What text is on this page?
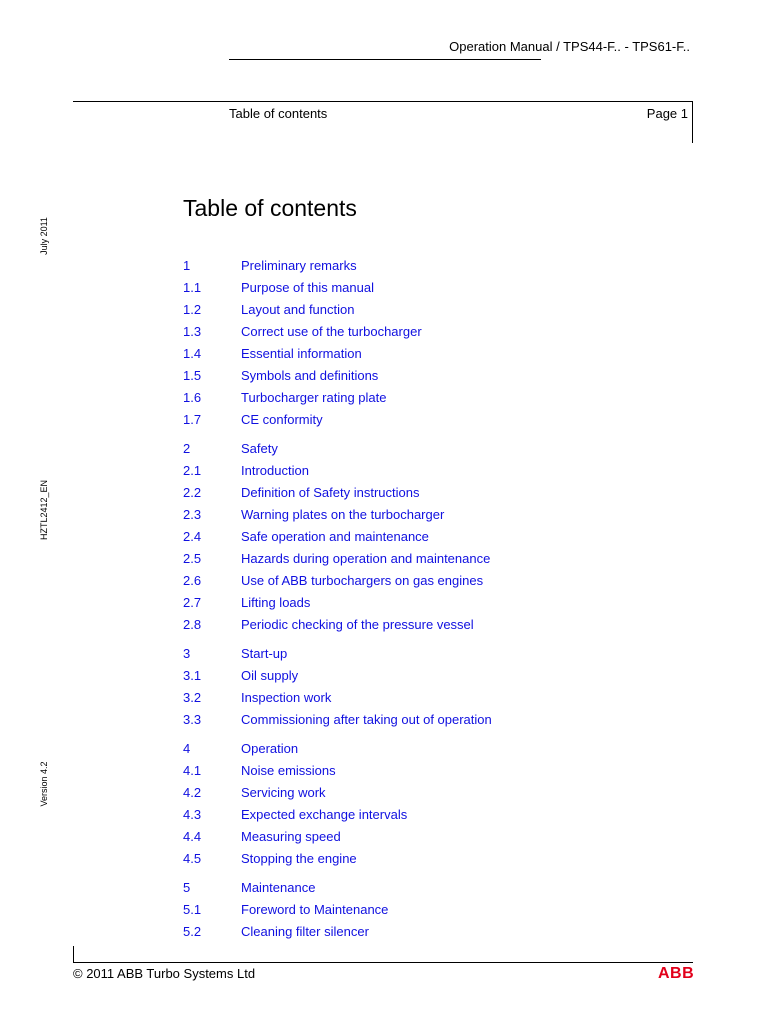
Operation Manual / TPS44-F.. - TPS61-F..
Table of contents	Page 1
Table of contents
July 2011
HZTL2412_EN
Version 4.2
1	Preliminary remarks
1.1	Purpose of this manual
1.2	Layout and function
1.3	Correct use of the turbocharger
1.4	Essential information
1.5	Symbols and definitions
1.6	Turbocharger rating plate
1.7	CE conformity
2	Safety
2.1	Introduction
2.2	Definition of Safety instructions
2.3	Warning plates on the turbocharger
2.4	Safe operation and maintenance
2.5	Hazards during operation and maintenance
2.6	Use of ABB turbochargers on gas engines
2.7	Lifting loads
2.8	Periodic checking of the pressure vessel
3	Start-up
3.1	Oil supply
3.2	Inspection work
3.3	Commissioning after taking out of operation
4	Operation
4.1	Noise emissions
4.2	Servicing work
4.3	Expected exchange intervals
4.4	Measuring speed
4.5	Stopping the engine
5	Maintenance
5.1	Foreword to Maintenance
5.2	Cleaning filter silencer
© 2011 ABB Turbo Systems Ltd	ABB
